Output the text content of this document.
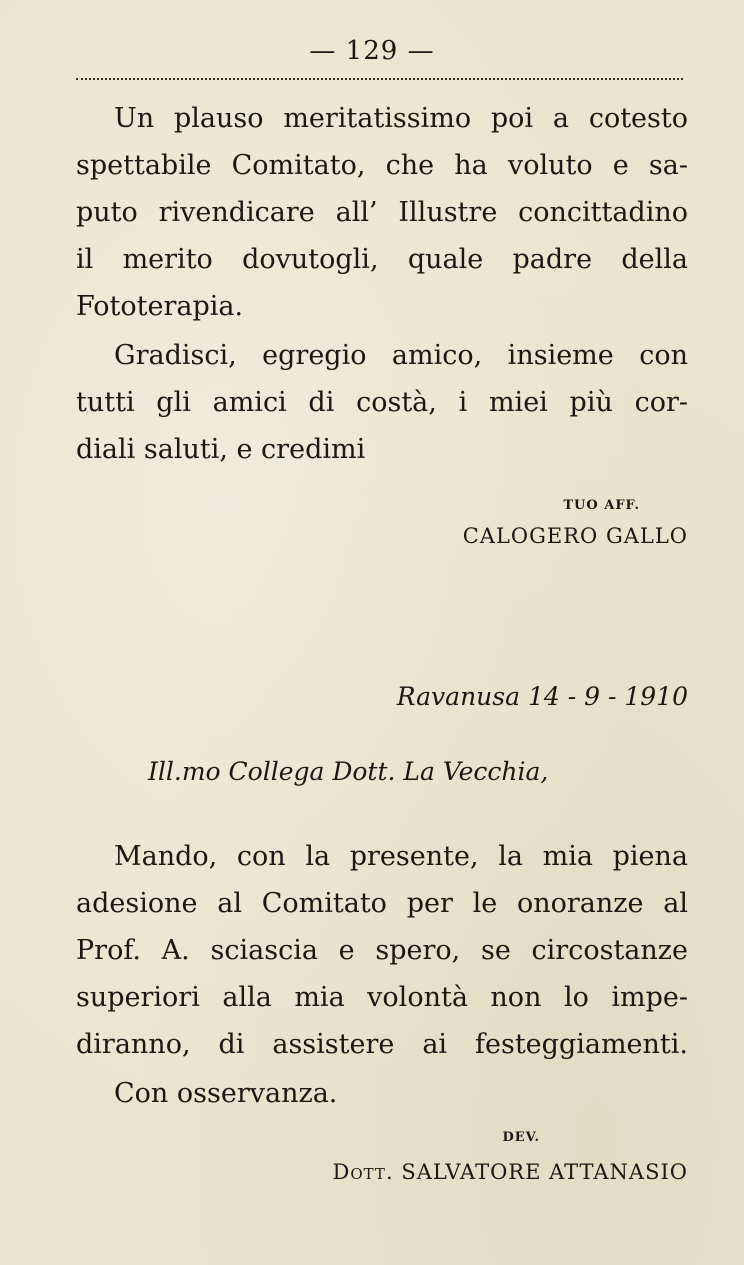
— 129 —
Un plauso meritatissimo poi a cotesto
spettabile Comitato, che ha voluto e sa-
puto rivendicare all’ Illustre concittadino
il merito dovutogli, quale padre della
Fototerapia.
Gradisci, egregio amico, insieme con
tutti gli amici di costà, i miei più cor-
diali saluti, e credimi
TUO AFF.
CALOGERO GALLO
Ravanusa 14 - 9 - 1910
Ill.mo Collega Dott. La Vecchia,
Mando, con la presente, la mia piena
adesione al Comitato per le onoranze al
Prof. A. sciascia e spero, se circostanze
superiori alla mia volontà non lo impe-
diranno, di assistere ai festeggiamenti.
Con osservanza.
DEV.
Dott. SALVATORE ATTANASIO
